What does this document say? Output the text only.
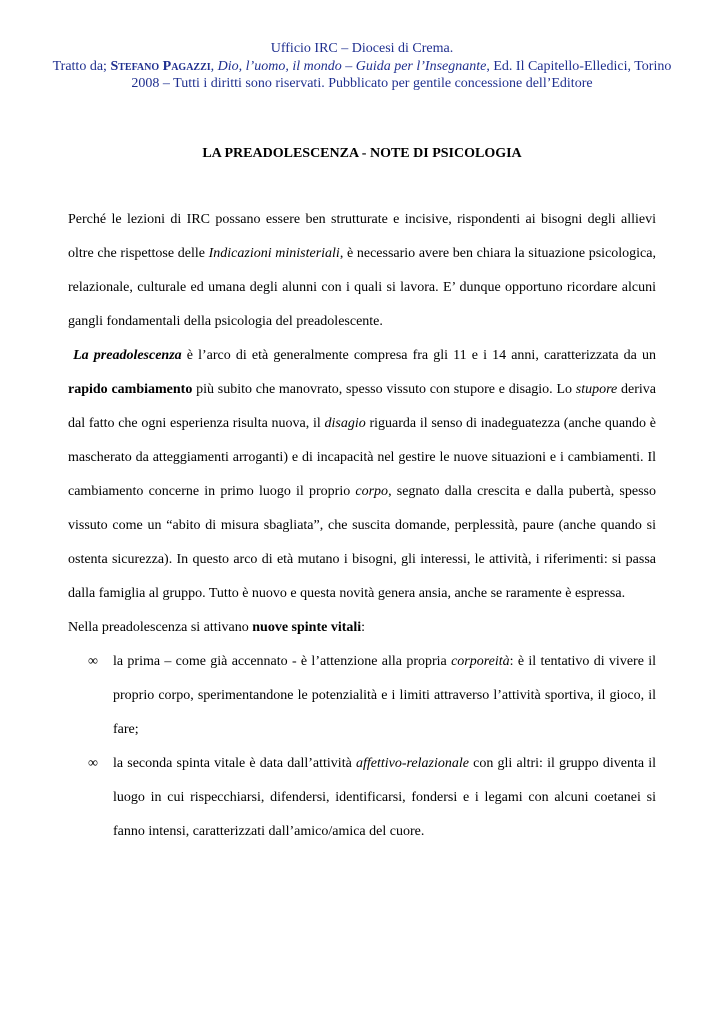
Ufficio IRC – Diocesi di Crema.
Tratto da; Stefano Pagazzi, Dio, l’uomo, il mondo – Guida per l’Insegnante, Ed. Il Capitello-Elledici, Torino 2008 – Tutti i diritti sono riservati. Pubblicato per gentile concessione dell’Editore
LA PREADOLESCENZA - NOTE DI PSICOLOGIA

Perché le lezioni di IRC possano essere ben strutturate e incisive, rispondenti ai bisogni degli allievi oltre che rispettose delle Indicazioni ministeriali, è necessario avere ben chiara la situazione psicologica, relazionale, culturale ed umana degli alunni con i quali si lavora. E’ dunque opportuno ricordare alcuni gangli fondamentali della psicologia del preadolescente.

La preadolescenza è l’arco di età generalmente compresa fra gli 11 e i 14 anni, caratterizzata da un rapido cambiamento più subito che manovrato, spesso vissuto con stupore e disagio. Lo stupore deriva dal fatto che ogni esperienza risulta nuova, il disagio riguarda il senso di inadeguatezza (anche quando è mascherato da atteggiamenti arroganti) e di incapacità nel gestire le nuove situazioni e i cambiamenti. Il cambiamento concerne in primo luogo il proprio corpo, segnato dalla crescita e dalla pubertà, spesso vissuto come un “abito di misura sbagliata”, che suscita domande, perplessità, paure (anche quando si ostenta sicurezza). In questo arco di età mutano i bisogni, gli interessi, le attività, i riferimenti: si passa dalla famiglia al gruppo. Tutto è nuovo e questa novità genera ansia, anche se raramente è espressa.

Nella preadolescenza si attivano nuove spinte vitali:

∞ la prima – come già accennato - è l’attenzione alla propria corporeità: è il tentativo di vivere il proprio corpo, sperimentandone le potenzialità e i limiti attraverso l’attività sportiva, il gioco, il fare;
∞ la seconda spinta vitale è data dall’attività affettivo-relazionale con gli altri: il gruppo diventa il luogo in cui rispecchiarsi, difendersi, identificarsi, fondersi e i legami con alcuni coetanei si fanno intensi, caratterizzati dall’amico/amica del cuore.
